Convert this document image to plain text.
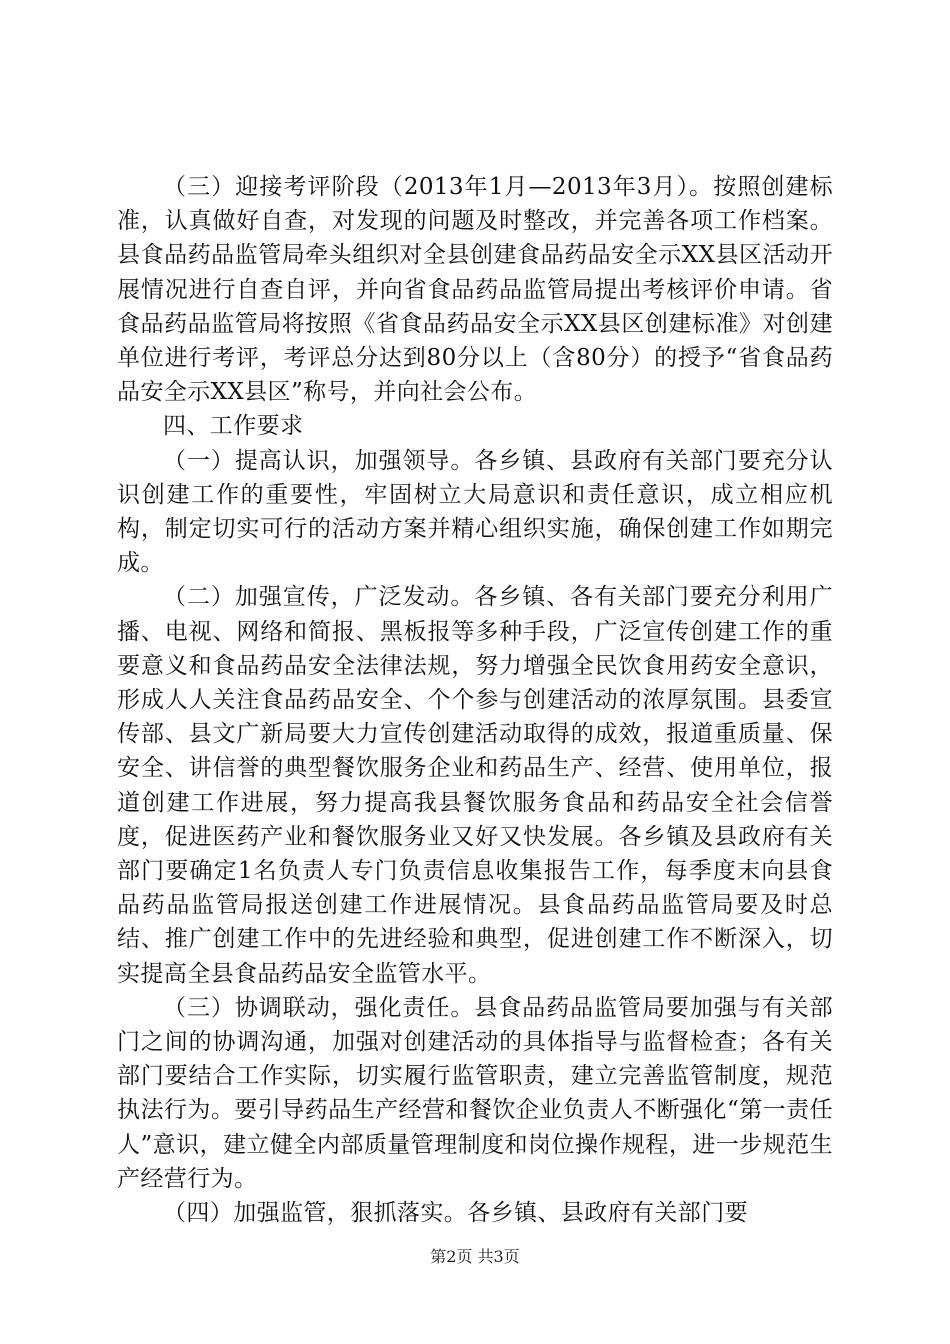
（三）迎接考评阶段（2013年1月—2013年3月）。按照创建标准，认真做好自查，对发现的问题及时整改，并完善各项工作档案。县食品药品监管局牵头组织对全县创建食品药品安全示XX县区活动开展情况进行自查自评，并向省食品药品监管局提出考核评价申请。省食品药品监管局将按照《省食品药品安全示XX县区创建标准》对创建单位进行考评，考评总分达到80分以上（含80分）的授予“省食品药品安全示XX县区”称号，并向社会公布。

四、工作要求

（一）提高认识，加强领导。各乡镇、县政府有关部门要充分认识创建工作的重要性，牢固树立大局意识和责任意识，成立相应机构，制定切实可行的活动方案并精心组织实施，确保创建工作如期完成。

（二）加强宣传，广泛发动。各乡镇、各有关部门要充分利用广播、电视、网络和简报、黑板报等多种手段，广泛宣传创建工作的重要意义和食品药品安全法律法规，努力增强全民饮食用药安全意识，形成人人关注食品药品安全、个个参与创建活动的浓厚氛围。县委宣传部、县文广新局要大力宣传创建活动取得的成效，报道重质量、保安全、讲信誉的典型餐饮服务企业和药品生产、经营、使用单位，报道创建工作进展，努力提高我县餐饮服务食品和药品安全社会信誉度，促进医药产业和餐饮服务业又好又快发展。各乡镇及县政府有关部门要确定1名负责人专门负责信息收集报告工作，每季度末向县食品药品监管局报送创建工作进展情况。县食品药品监管局要及时总结、推广创建工作中的先进经验和典型，促进创建工作不断深入，切实提高全县食品药品安全监管水平。

（三）协调联动，强化责任。县食品药品监管局要加强与有关部门之间的协调沟通，加强对创建活动的具体指导与监督检查；各有关部门要结合工作实际，切实履行监管职责，建立完善监管制度，规范执法行为。要引导药品生产经营和餐饮企业负责人不断强化“第一责任人”意识，建立健全内部质量管理制度和岗位操作规程，进一步规范生产经营行为。

（四）加强监管，狠抓落实。各乡镇、县政府有关部门要

第2页 共3页
